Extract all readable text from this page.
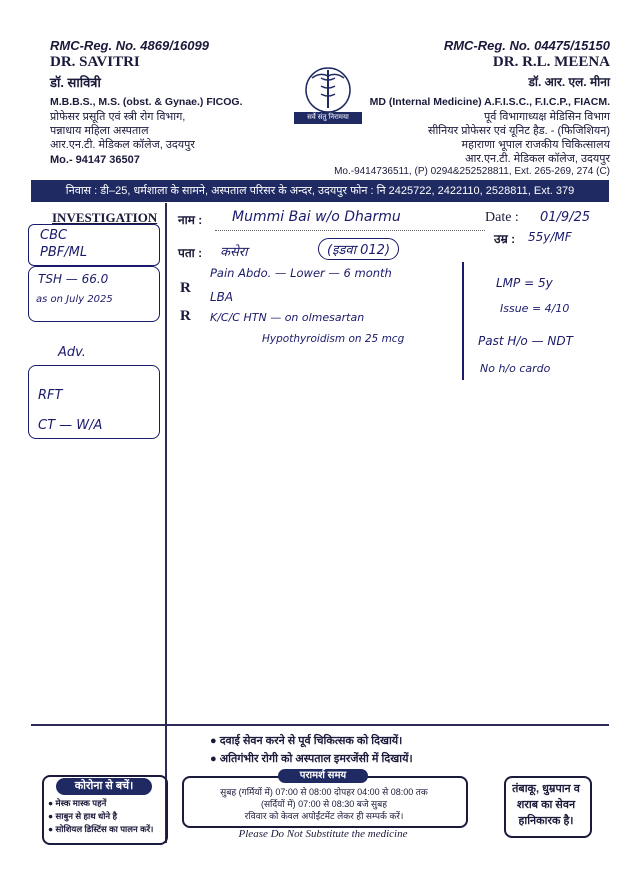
RMC-Reg. No. 4869/16099
DR. SAVITRI
डॉ. सावित्री
M.B.B.S., M.S. (obst. & Gynae.) FICOG.
प्रोफेसर प्रसूति एवं स्त्री रोग विभाग,
पन्नाधाय महिला अस्पताल
आर.एन.टी. मेडिकल कॉलेज, उदयपुर
Mo.- 94147 36507
सर्वे संतु निरामया
RMC-Reg. No. 04475/15150
DR. R.L. MEENA
डॉ. आर. एल. मीना
MD (Internal Medicine) A.F.I.S.C., F.I.C.P., FIACM.
पूर्व विभागाध्यक्ष मेडिसिन विभाग
सीनियर प्रोफेसर एवं यूनिट हैड. - (फिजिशियन)
महाराणा भूपाल राजकीय चिकित्सालय
आर.एन.टी. मेडिकल कॉलेज, उदयपुर
Mo.-9414736511, (P) 0294&252528811, Ext. 265-269, 274 (C)
निवास : डी–25, धर्मशाला के सामने, अस्पताल परिसर के अन्दर, उदयपुर फोन : नि 2425722, 2422110, 2528811, Ext. 379
INVESTIGATION नाम :
पता :
Date :
उम्र :
R
R
Mummi Bai w/o Dharmu
कसेरा	(इडवा 012)
01/9/25
55y/MF
CBC
PBF/ML
TSH — 66.0
as on July 2025
Adv.
RFT
CT — W/A
Pain Abdo. — Lower — 6 month
LBA
K/C/C HTN — on olmesartan
Hypothyroidism on 25 mcg
LMP = 5y
Issue = 4/10
Past H/o — NDT
No h/o cardo
● दवाई सेवन करने से पूर्व चिकित्सक को दिखायें।
● अतिगंभीर रोगी को अस्पताल इमरजेंसी में दिखायें।
कोरोना से बचें।
● मेस्क मास्क पहनें
● साबुन से हाथ धोने है
● सोशियल डिस्टिंस का पालन करें।
परामर्श समय
सुबह (गर्मियों में) 07:00 से 08:00 दोपहर 04:00 से 08:00 तक
(सर्दियों में) 07:00 से 08:30 बजे सुबह
रविवार को केवल अपोईंटमेंट लेकर ही सम्पर्क करें।
तंबाकू, धुम्रपान व शराब का सेवन हानिकारक है।
Please Do Not Substitute the medicine
